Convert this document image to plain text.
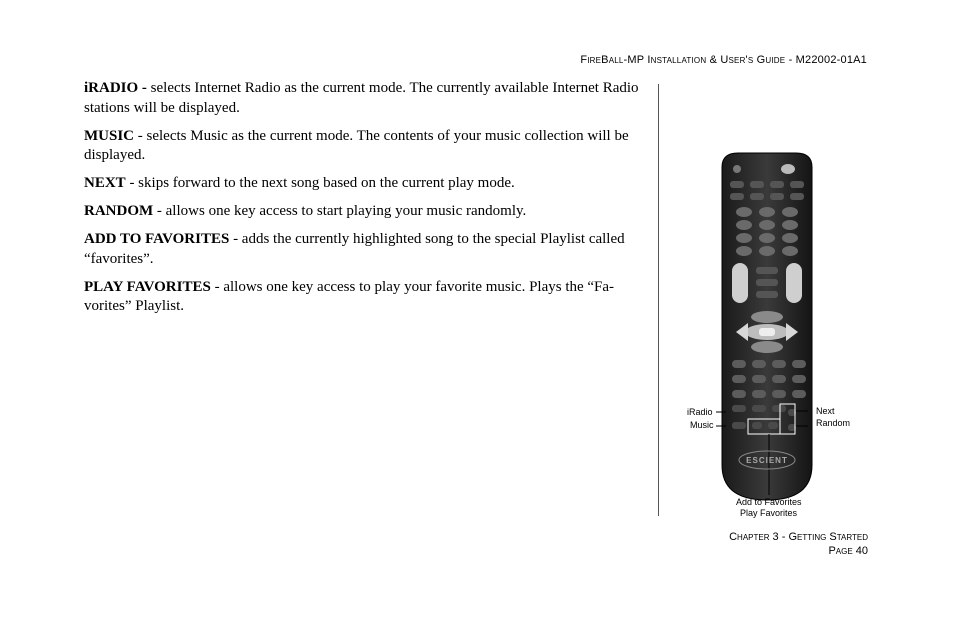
FireBall-MP Installation & User's Guide - M22002-01A1

iRADIO - selects Internet Radio as the current mode. The currently available Internet Radio stations will be displayed.

MUSIC - selects Music as the current mode. The contents of your music collection will be displayed.

NEXT - skips forward to the next song based on the current play mode.

RANDOM - allows one key access to start playing your music randomly.

ADD TO FAVORITES - adds the currently highlighted song to the special Playlist called “favorites”.

PLAY FAVORITES - allows one key access to play your favorite music. Plays the “Fa-vorites” Playlist.

ESCIENT
iRadio
Music
Next
Random
Add to Favorites
Play Favorites
Chapter 3 - Getting Started
Page 40
